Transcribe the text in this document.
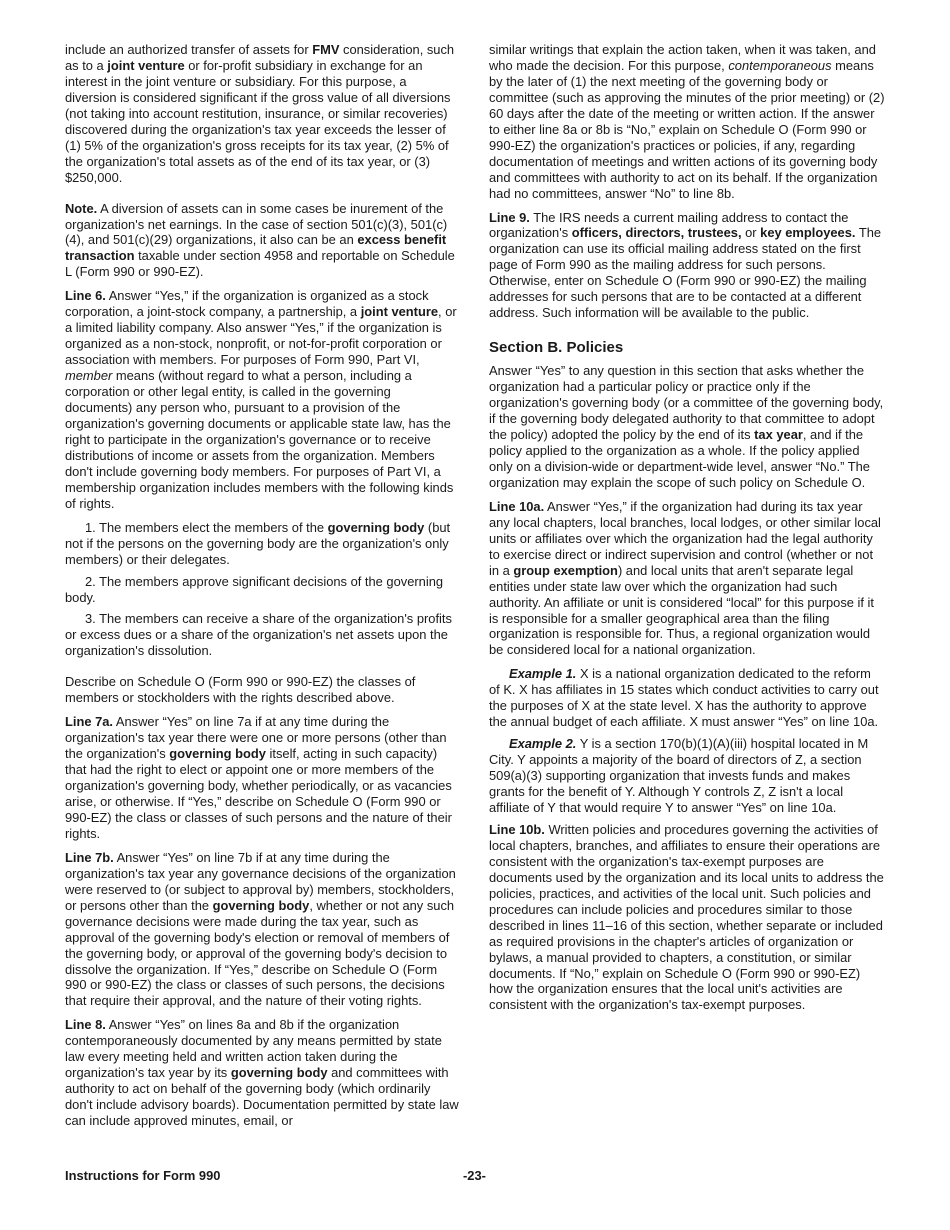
include an authorized transfer of assets for FMV consideration, such as to a joint venture or for-profit subsidiary in exchange for an interest in the joint venture or subsidiary. For this purpose, a diversion is considered significant if the gross value of all diversions (not taking into account restitution, insurance, or similar recoveries) discovered during the organization's tax year exceeds the lesser of (1) 5% of the organization's gross receipts for its tax year, (2) 5% of the organization's total assets as of the end of its tax year, or (3) $250,000.

Note. A diversion of assets can in some cases be inurement of the organization's net earnings. In the case of section 501(c)(3), 501(c)(4), and 501(c)(29) organizations, it also can be an excess benefit transaction taxable under section 4958 and reportable on Schedule L (Form 990 or 990-EZ).

Line 6. Answer “Yes,” if the organization is organized as a stock corporation, a joint-stock company, a partnership, a joint venture, or a limited liability company. Also answer “Yes,” if the organization is organized as a non-stock, nonprofit, or not-for-profit corporation or association with members. For purposes of Form 990, Part VI, member means (without regard to what a person, including a corporation or other legal entity, is called in the governing documents) any person who, pursuant to a provision of the organization's governing documents or applicable state law, has the right to participate in the organization's governance or to receive distributions of income or assets from the organization. Members don't include governing body members. For purposes of Part VI, a membership organization includes members with the following kinds of rights.

1. The members elect the members of the governing body (but not if the persons on the governing body are the organization's only members) or their delegates.

2. The members approve significant decisions of the governing body.

3. The members can receive a share of the organization's profits or excess dues or a share of the organization's net assets upon the organization's dissolution.

Describe on Schedule O (Form 990 or 990-EZ) the classes of members or stockholders with the rights described above.

Line 7a. Answer “Yes” on line 7a if at any time during the organization's tax year there were one or more persons (other than the organization's governing body itself, acting in such capacity) that had the right to elect or appoint one or more members of the organization's governing body, whether periodically, or as vacancies arise, or otherwise. If “Yes,” describe on Schedule O (Form 990 or 990-EZ) the class or classes of such persons and the nature of their rights.

Line 7b. Answer “Yes” on line 7b if at any time during the organization's tax year any governance decisions of the organization were reserved to (or subject to approval by) members, stockholders, or persons other than the governing body, whether or not any such governance decisions were made during the tax year, such as approval of the governing body's election or removal of members of the governing body, or approval of the governing body's decision to dissolve the organization. If “Yes,” describe on Schedule O (Form 990 or 990-EZ) the class or classes of such persons, the decisions that require their approval, and the nature of their voting rights.

Line 8. Answer “Yes” on lines 8a and 8b if the organization contemporaneously documented by any means permitted by state law every meeting held and written action taken during the organization's tax year by its governing body and committees with authority to act on behalf of the governing body (which ordinarily don't include advisory boards). Documentation permitted by state law can include approved minutes, email, or

similar writings that explain the action taken, when it was taken, and who made the decision. For this purpose, contemporaneous means by the later of (1) the next meeting of the governing body or committee (such as approving the minutes of the prior meeting) or (2) 60 days after the date of the meeting or written action. If the answer to either line 8a or 8b is “No,” explain on Schedule O (Form 990 or 990-EZ) the organization's practices or policies, if any, regarding documentation of meetings and written actions of its governing body and committees with authority to act on its behalf. If the organization had no committees, answer “No” to line 8b.

Line 9. The IRS needs a current mailing address to contact the organization's officers, directors, trustees, or key employees. The organization can use its official mailing address stated on the first page of Form 990 as the mailing address for such persons. Otherwise, enter on Schedule O (Form 990 or 990-EZ) the mailing addresses for such persons that are to be contacted at a different address. Such information will be available to the public.

Section B. Policies

Answer “Yes” to any question in this section that asks whether the organization had a particular policy or practice only if the organization's governing body (or a committee of the governing body, if the governing body delegated authority to that committee to adopt the policy) adopted the policy by the end of its tax year, and if the policy applied to the organization as a whole. If the policy applied only on a division-wide or department-wide level, answer “No.” The organization may explain the scope of such policy on Schedule O.

Line 10a. Answer “Yes,” if the organization had during its tax year any local chapters, local branches, local lodges, or other similar local units or affiliates over which the organization had the legal authority to exercise direct or indirect supervision and control (whether or not in a group exemption) and local units that aren't separate legal entities under state law over which the organization had such authority. An affiliate or unit is considered “local” for this purpose if it is responsible for a smaller geographical area than the filing organization is responsible for. Thus, a regional organization would be considered local for a national organization.

Example 1. X is a national organization dedicated to the reform of K. X has affiliates in 15 states which conduct activities to carry out the purposes of X at the state level. X has the authority to approve the annual budget of each affiliate. X must answer “Yes” on line 10a.

Example 2. Y is a section 170(b)(1)(A)(iii) hospital located in M City. Y appoints a majority of the board of directors of Z, a section 509(a)(3) supporting organization that invests funds and makes grants for the benefit of Y. Although Y controls Z, Z isn't a local affiliate of Y that would require Y to answer “Yes” on line 10a.

Line 10b. Written policies and procedures governing the activities of local chapters, branches, and affiliates to ensure their operations are consistent with the organization's tax-exempt purposes are documents used by the organization and its local units to address the policies, practices, and activities of the local unit. Such policies and procedures can include policies and procedures similar to those described in lines 11–16 of this section, whether separate or included as required provisions in the chapter's articles of organization or bylaws, a manual provided to chapters, a constitution, or similar documents. If “No,” explain on Schedule O (Form 990 or 990-EZ) how the organization ensures that the local unit's activities are consistent with the organization's tax-exempt purposes.

Instructions for Form 990	-23-
